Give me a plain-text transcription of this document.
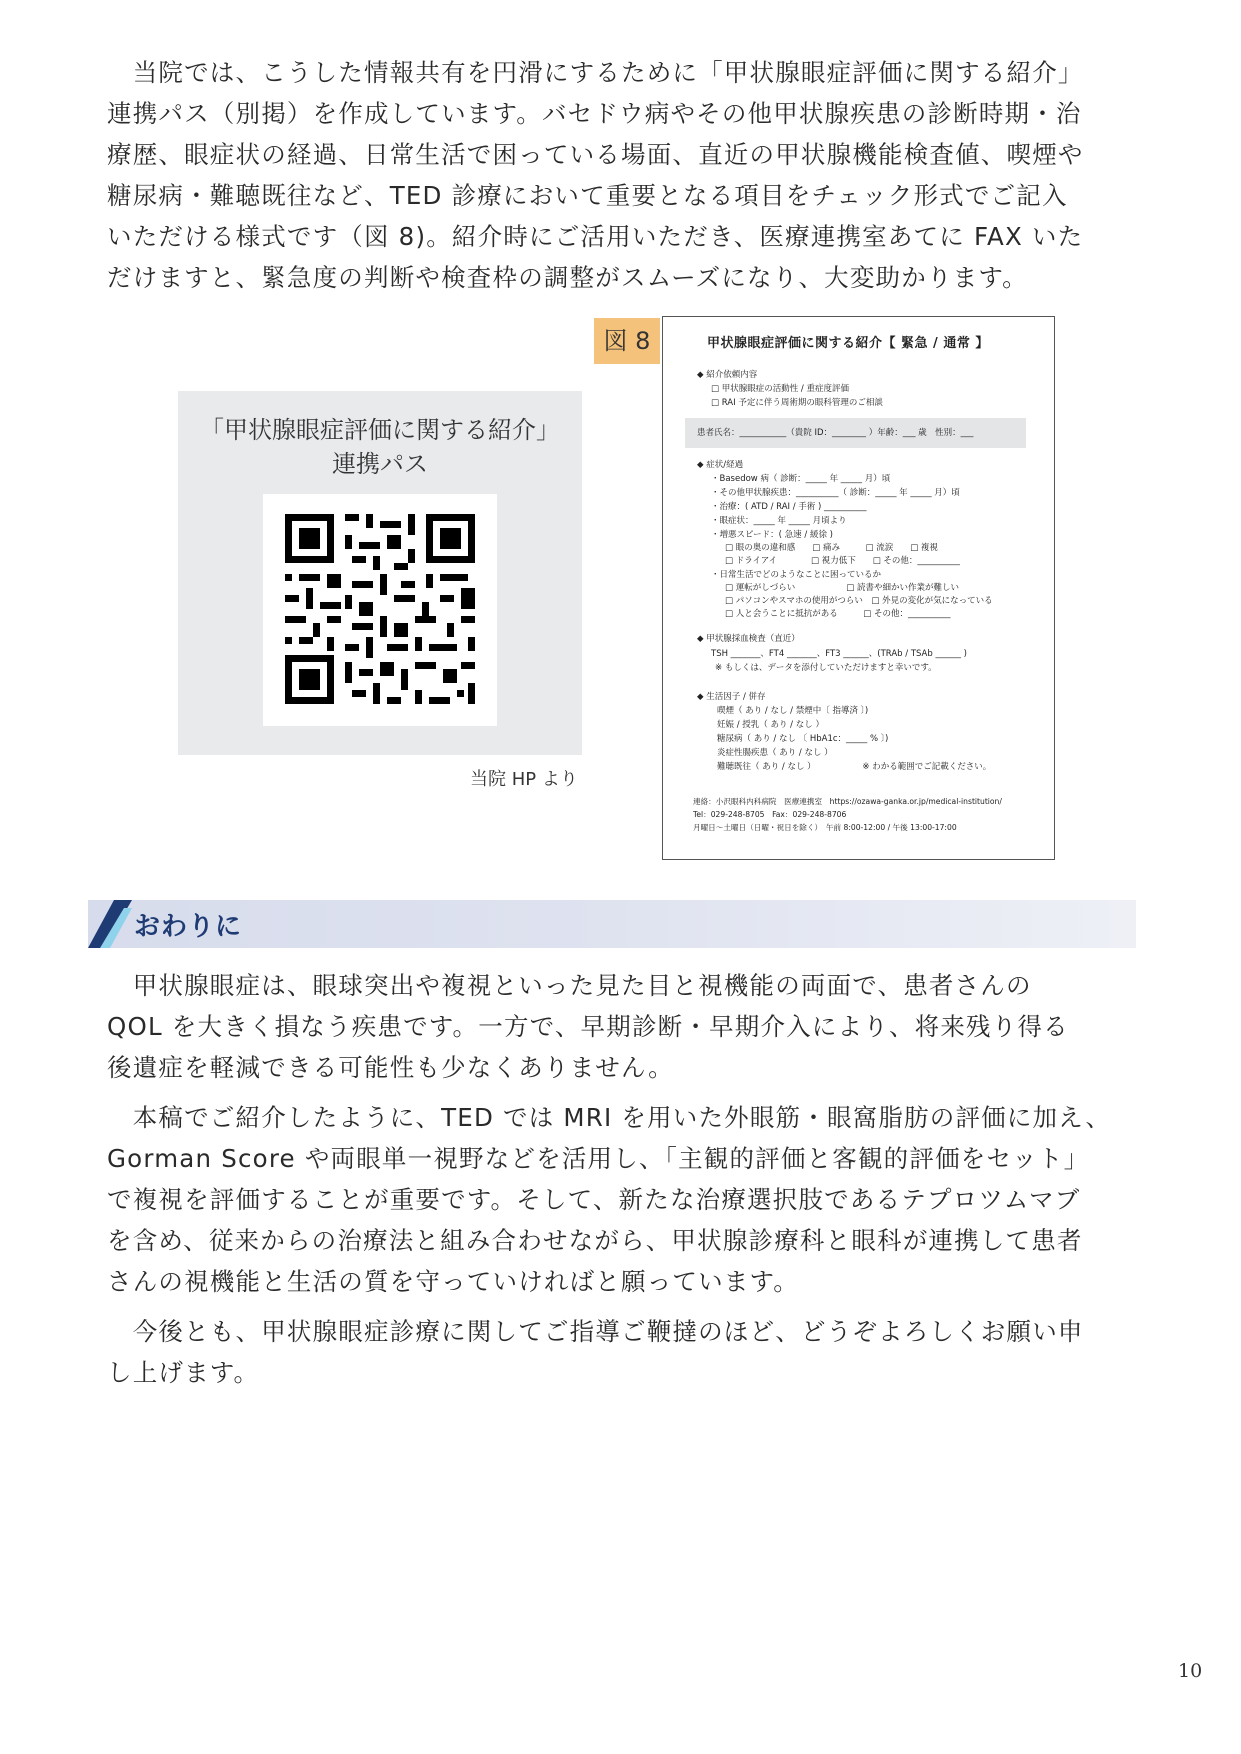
　当院では、こうした情報共有を円滑にするために「甲状腺眼症評価に関する紹介」
連携パス（別掲）を作成しています。バセドウ病やその他甲状腺疾患の診断時期・治
療歴、眼症状の経過、日常生活で困っている場面、直近の甲状腺機能検査値、喫煙や
糖尿病・難聴既往など、TED 診療において重要となる項目をチェック形式でご記入
いただける様式です（図 8)。紹介時にご活用いただき、医療連携室あてに FAX いた
だけますと、緊急度の判断や検査枠の調整がスムーズになり、大変助かります。
「甲状腺眼症評価に関する紹介」
連携パス
当院 HP より
図 8	甲状腺眼症評価に関する紹介【 緊急 / 通常 】
◆ 紹介依頼内容
□ 甲状腺眼症の活動性 / 重症度評価
□ RAI 予定に伴う周術期の眼科管理のご相談
患者氏名：___________（貴院 ID：________ ）年齢：___ 歳　性別：___
◆ 症状/経過
・Basedow 病（ 診断：_____ 年 _____ 月）頃
・その他甲状腺疾患：__________（ 診断：_____ 年 _____ 月）頃
・治療：( ATD / RAI / 手術 ) __________
・眼症状：_____ 年 _____ 月頃より
・増悪スピード：( 急速 / 緩徐 )
□ 眼の奥の違和感　　□ 痛み　　　□ 流涙　　□ 複視
□ ドライアイ　　　　□ 視力低下　　□ その他：__________
・日常生活でどのようなことに困っているか
□ 運転がしづらい　　　　　　□ 読書や細かい作業が難しい
□ パソコンやスマホの使用がつらい　□ 外見の変化が気になっている
□ 人と会うことに抵抗がある　　　□ その他：__________
◆ 甲状腺採血検査（直近）
TSH _______、FT4 _______、FT3 ______、(TRAb / TSAb ______ )
※ もしくは、データを添付していただけますと幸いです。
◆ 生活因子 / 併存
喫煙（ あり / なし / 禁煙中〔 指導済 〕)
妊娠 / 授乳（ あり / なし ）
糖尿病（ あり / なし 〔 HbA1c：_____ % 〕)
炎症性腸疾患（ あり / なし ）
難聴既往（ あり / なし ）　　　　　　※ わかる範囲でご記載ください。
連絡：小沢眼科内科病院　医療連携室　https://ozawa-ganka.or.jp/medical-institution/
Tel：029-248-8705　Fax：029-248-8706
月曜日～土曜日（日曜・祝日を除く）　午前 8:00-12:00 / 午後 13:00-17:00
おわりに
　甲状腺眼症は、眼球突出や複視といった見た目と視機能の両面で、患者さんの
QOL を大きく損なう疾患です。一方で、早期診断・早期介入により、将来残り得る
後遺症を軽減できる可能性も少なくありません。
　本稿でご紹介したように、TED では MRI を用いた外眼筋・眼窩脂肪の評価に加え、
Gorman Score や両眼単一視野などを活用し、「主観的評価と客観的評価をセット」
で複視を評価することが重要です。そして、新たな治療選択肢であるテプロツムマブ
を含め、従来からの治療法と組み合わせながら、甲状腺診療科と眼科が連携して患者
さんの視機能と生活の質を守っていければと願っています。
　今後とも、甲状腺眼症診療に関してご指導ご鞭撻のほど、どうぞよろしくお願い申
し上げます。
10
